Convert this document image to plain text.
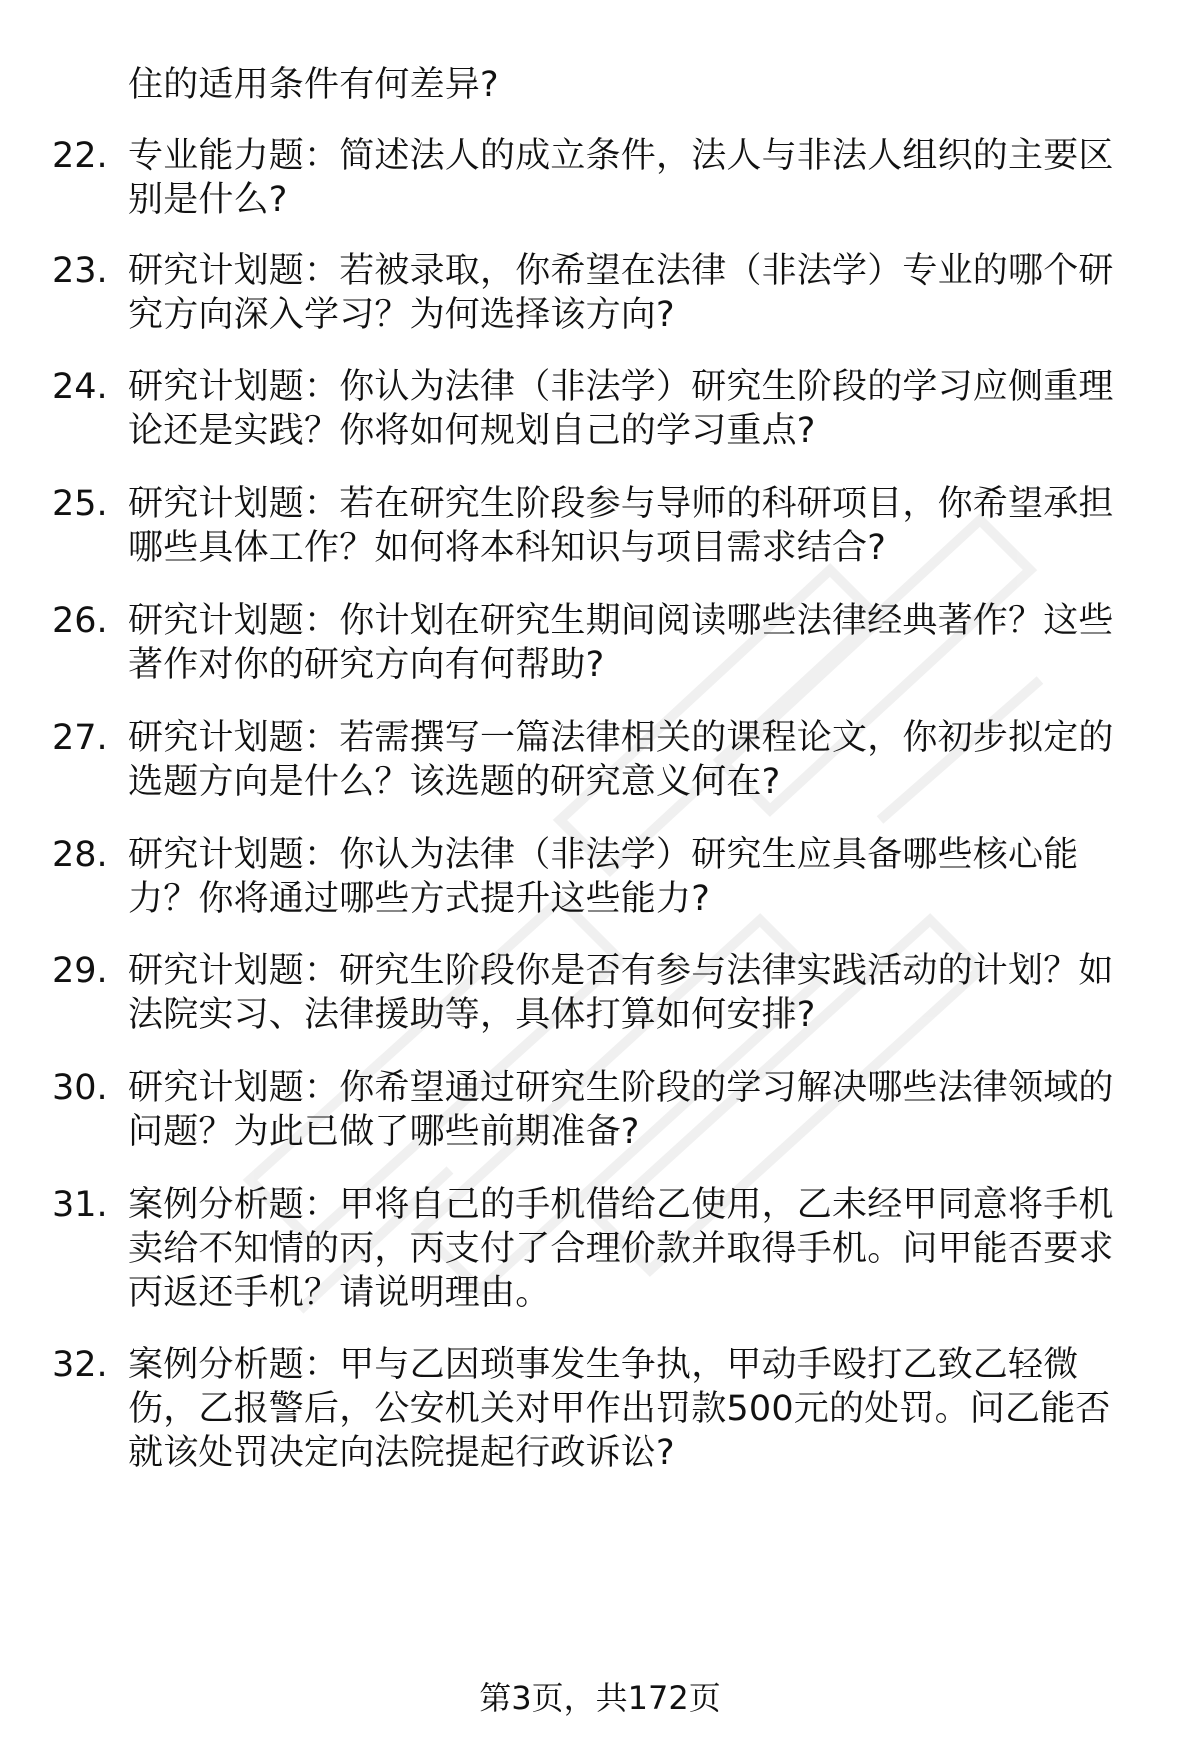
住的适用条件有何差异?
22. 专业能力题：简述法人的成立条件，法人与非法人组织的主要区
别是什么?
23. 研究计划题：若被录取，你希望在法律（非法学）专业的哪个研
究方向深入学习？为何选择该方向?
24. 研究计划题：你认为法律（非法学）研究生阶段的学习应侧重理
论还是实践？你将如何规划自己的学习重点?
25. 研究计划题：若在研究生阶段参与导师的科研项目，你希望承担
哪些具体工作？如何将本科知识与项目需求结合?
26. 研究计划题：你计划在研究生期间阅读哪些法律经典著作？这些
著作对你的研究方向有何帮助?
27. 研究计划题：若需撰写一篇法律相关的课程论文，你初步拟定的
选题方向是什么？该选题的研究意义何在?
28. 研究计划题：你认为法律（非法学）研究生应具备哪些核心能
力？你将通过哪些方式提升这些能力?
29. 研究计划题：研究生阶段你是否有参与法律实践活动的计划？如
法院实习、法律援助等，具体打算如何安排?
30. 研究计划题：你希望通过研究生阶段的学习解决哪些法律领域的
问题？为此已做了哪些前期准备?
31. 案例分析题：甲将自己的手机借给乙使用，乙未经甲同意将手机
卖给不知情的丙，丙支付了合理价款并取得手机。问甲能否要求
丙返还手机？请说明理由。
32. 案例分析题：甲与乙因琐事发生争执，甲动手殴打乙致乙轻微
伤，乙报警后，公安机关对甲作出罚款500元的处罚。问乙能否
就该处罚决定向法院提起行政诉讼?
第3页，共172页
